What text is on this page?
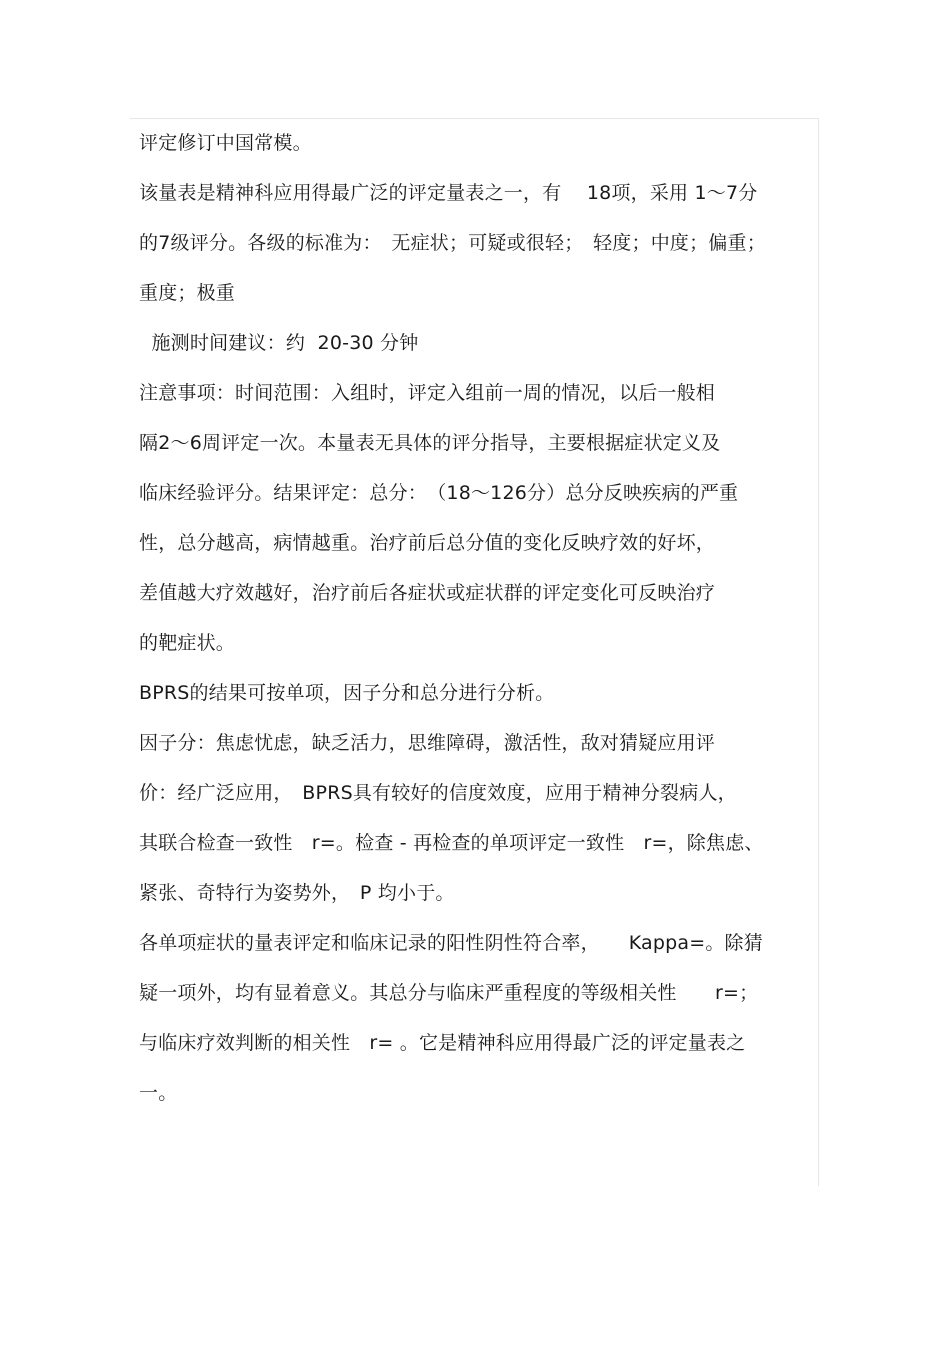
评定修订中国常模。
该量表是精神科应用得最广泛的评定量表之一，有　 18项，采用 1～7分
的7级评分。各级的标准为：　无症状；可疑或很轻；　轻度；中度；偏重；
重度；极重
施测时间建议：约  20-30 分钟
注意事项：时间范围：入组时，评定入组前一周的情况，以后一般相
隔2～6周评定一次。本量表无具体的评分指导，主要根据症状定义及
临床经验评分。结果评定：总分：　（18～126分）总分反映疾病的严重
性，总分越高，病情越重。治疗前后总分值的变化反映疗效的好坏，
差值越大疗效越好，治疗前后各症状或症状群的评定变化可反映治疗
的靶症状。
BPRS的结果可按单项，因子分和总分进行分析。
因子分：焦虑忧虑，缺乏活力，思维障碍，激活性，敌对猜疑应用评
价：经广泛应用，　BPRS具有较好的信度效度，应用于精神分裂病人，
其联合检查一致性　r=。检查 - 再检查的单项评定一致性　r=，除焦虑、
紧张、奇特行为姿势外，　P 均小于。
各单项症状的量表评定和临床记录的阳性阴性符合率，　　Kappa=。除猜
疑一项外，均有显着意义。其总分与临床严重程度的等级相关性　　r=；
与临床疗效判断的相关性　r= 。它是精神科应用得最广泛的评定量表之
一。
